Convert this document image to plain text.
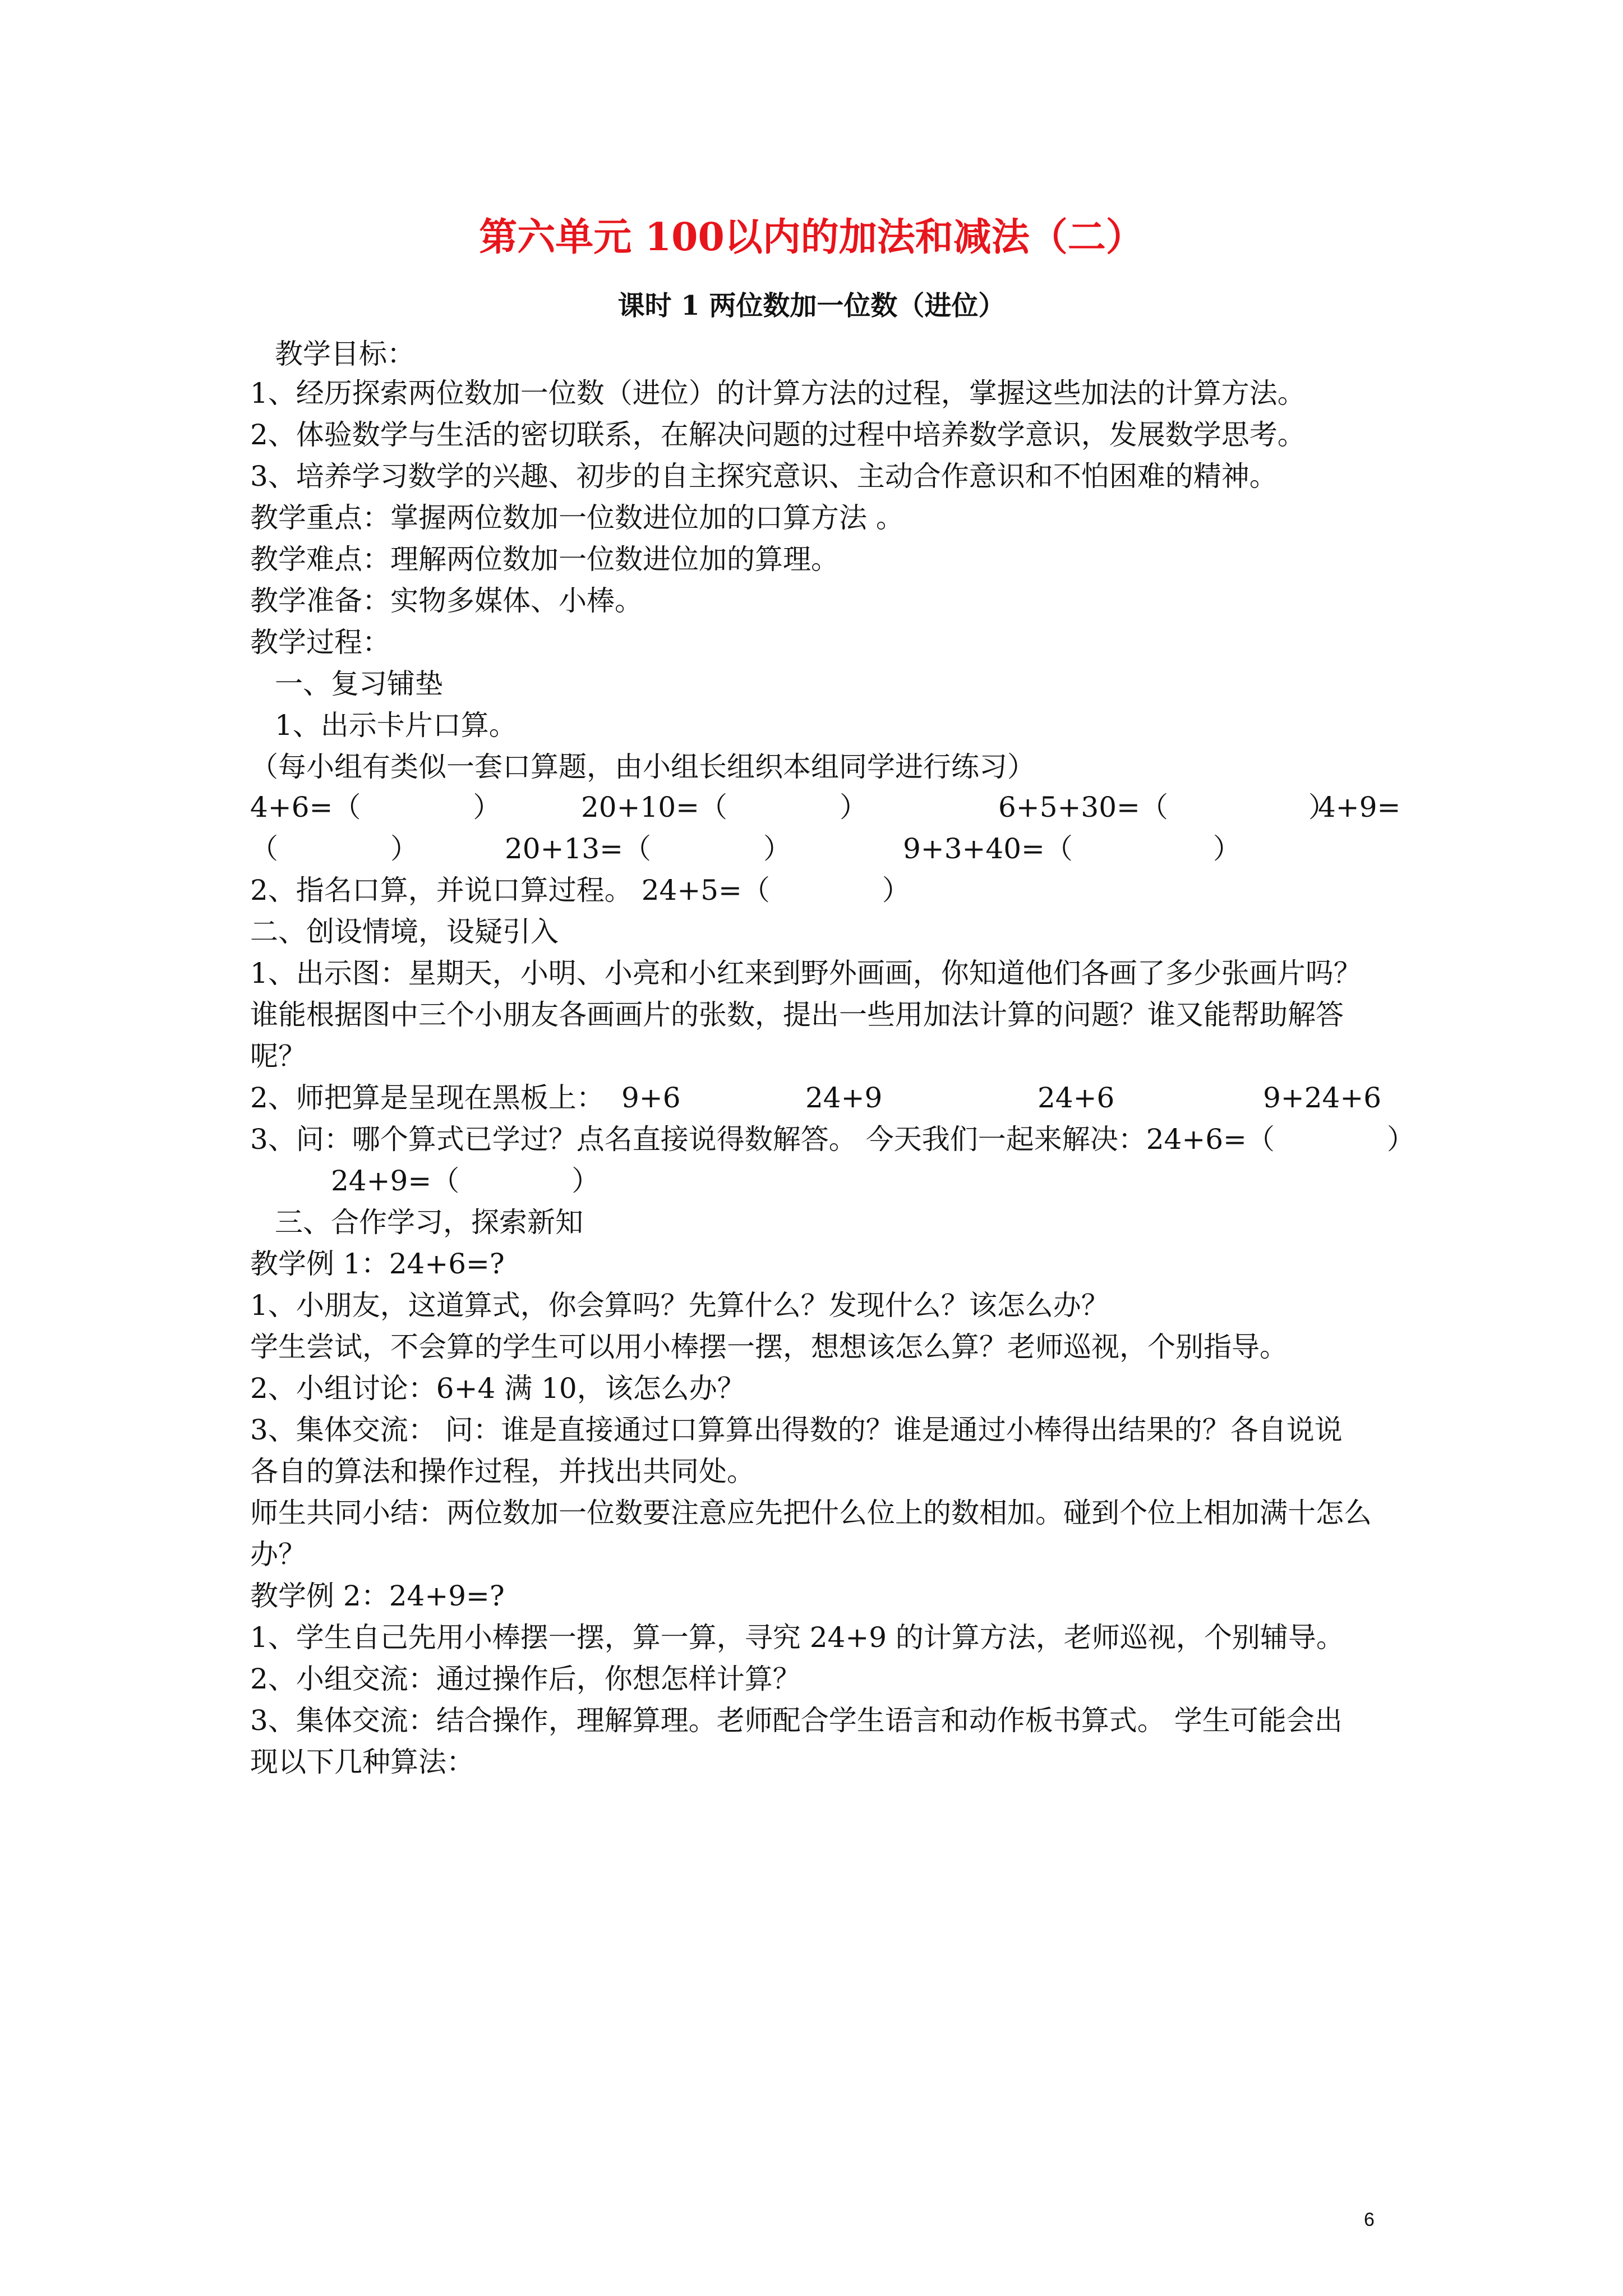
第六单元 100以内的加法和减法（二）
课时 1 两位数加一位数（进位）

教学目标：

1、经历探索两位数加一位数（进位）的计算方法的过程，掌握这些加法的计算方法。

2、体验数学与生活的密切联系，在解决问题的过程中培养数学意识，发展数学思考。

3、培养学习数学的兴趣、初步的自主探究意识、主动合作意识和不怕困难的精神。

教学重点：掌握两位数加一位数进位加的口算方法 。

教学难点：理解两位数加一位数进位加的算理。

教学准备：实物多媒体、小棒。

教学过程：

一、复习铺垫

1、出示卡片口算。

（每小组有类似一套口算题，由小组长组织本组同学进行练习）

4+6=（　　　　）	20+10=（　　　　）	6+5+30=（　　　　　）
4+9=
（　　　　）	20+13=（　　　　）	9+3+40=（　　　　　）

2、指名口算，并说口算过程。 24+5=（　　　　）

二、创设情境，设疑引入

1、出示图：星期天，小明、小亮和小红来到野外画画，你知道他们各画了多少张画片吗？

谁能根据图中三个小朋友各画画片的张数，提出一些用加法计算的问题？谁又能帮助解答

呢？

2、师把算是呈现在黑板上： 9+6	24+9	24+6	9+24+6

3、问：哪个算式已学过？点名直接说得数解答。 今天我们一起来解决：24+6=（　　　　）

24+9=（　　　　）

三、合作学习，探索新知

教学例 1：24+6=?

1、小朋友，这道算式，你会算吗？先算什么？发现什么？该怎么办？

学生尝试，不会算的学生可以用小棒摆一摆，想想该怎么算？老师巡视，个别指导。

2、小组讨论：6+4 满 10，该怎么办？

3、集体交流： 问：谁是直接通过口算算出得数的？谁是通过小棒得出结果的？各自说说

各自的算法和操作过程，并找出共同处。

师生共同小结：两位数加一位数要注意应先把什么位上的数相加。碰到个位上相加满十怎么

办？

教学例 2：24+9=?

1、学生自己先用小棒摆一摆，算一算，寻究 24+9 的计算方法，老师巡视，个别辅导。

2、小组交流：通过操作后，你想怎样计算？

3、集体交流：结合操作，理解算理。老师配合学生语言和动作板书算式。 学生可能会出

现以下几种算法：

6
